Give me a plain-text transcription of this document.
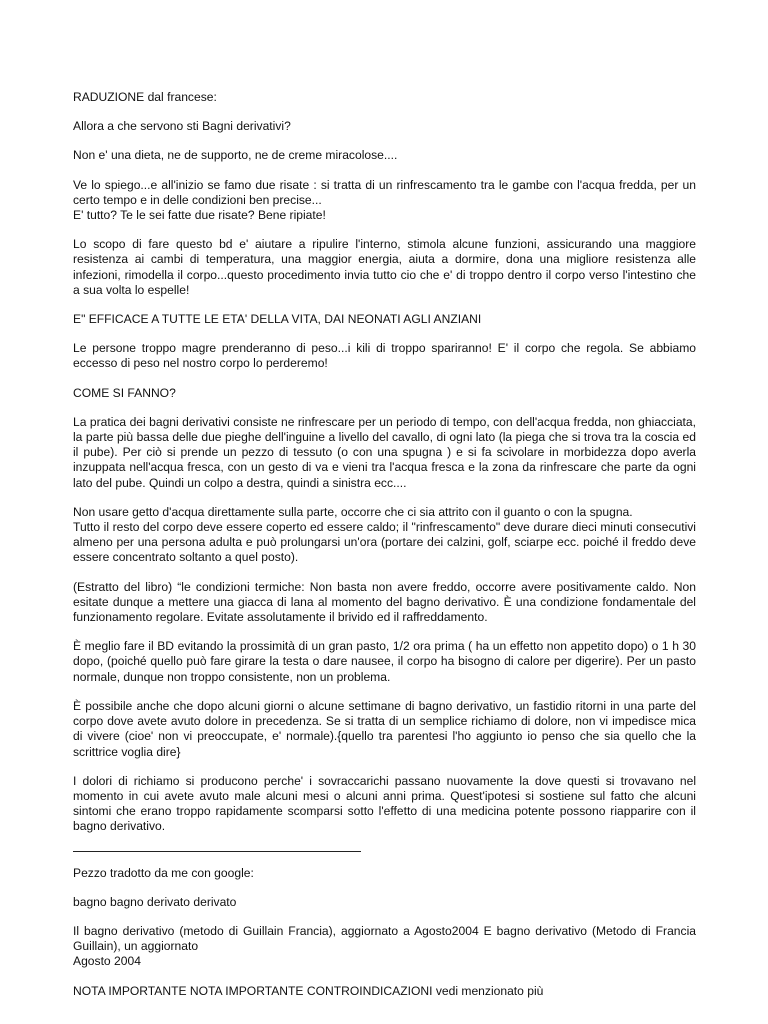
RADUZIONE dal francese:

Allora a che servono sti Bagni derivativi?

Non e' una dieta, ne de supporto, ne de creme miracolose....

Ve lo spiego...e all'inizio se famo due risate : si tratta di un rinfrescamento tra le gambe con l'acqua fredda, per un certo tempo e in delle condizioni ben precise...
E' tutto? Te le sei fatte due risate? Bene ripiate!

Lo scopo di fare questo bd e' aiutare a ripulire l'interno, stimola alcune funzioni, assicurando una maggiore resistenza ai cambi di temperatura, una maggior energia, aiuta a dormire, dona una migliore resistenza alle infezioni, rimodella il corpo...questo procedimento invia tutto cio che e' di troppo dentro il corpo verso l'intestino che a sua volta lo espelle!

E" EFFICACE A TUTTE LE ETA' DELLA VITA, DAI NEONATI AGLI ANZIANI

Le persone troppo magre prenderanno di peso...i kili di troppo spariranno! E' il corpo che regola. Se abbiamo eccesso di peso nel nostro corpo lo perderemo!

COME SI FANNO?

La pratica dei bagni derivativi consiste ne rinfrescare per un periodo di tempo, con dell'acqua fredda, non ghiacciata, la parte più bassa delle due pieghe dell'inguine a livello del cavallo, di ogni lato (la piega che si trova tra la coscia ed il pube). Per ciò si prende un pezzo di tessuto (o con una spugna ) e si fa scivolare in morbidezza dopo averla inzuppata nell'acqua fresca, con un gesto di va e vieni tra l'acqua fresca e la zona da rinfrescare che parte da ogni lato del pube. Quindi un colpo a destra, quindi a sinistra ecc....

Non usare getto d'acqua direttamente sulla parte, occorre che ci sia attrito con il guanto o con la spugna.
Tutto il resto del corpo deve essere coperto ed essere caldo; il "rinfrescamento" deve durare dieci minuti consecutivi almeno per una persona adulta e può prolungarsi un'ora (portare dei calzini, golf, sciarpe ecc. poiché il freddo deve essere concentrato soltanto a quel posto).

(Estratto del libro) “le condizioni termiche: Non basta non avere freddo, occorre avere positivamente caldo. Non esitate dunque a mettere una giacca di lana al momento del bagno derivativo. È una condizione fondamentale del funzionamento regolare. Evitate assolutamente il brivido ed il raffreddamento.

È meglio fare il BD evitando la prossimità di un gran pasto, 1/2 ora prima ( ha un effetto non appetito dopo) o 1 h 30 dopo, (poiché quello può fare girare la testa o dare nausee, il corpo ha bisogno di calore per digerire). Per un pasto normale, dunque non troppo consistente, non un problema.

È possibile anche che dopo alcuni giorni o alcune settimane di bagno derivativo, un fastidio ritorni in una parte del corpo dove avete avuto dolore in precedenza. Se si tratta di un semplice richiamo di dolore, non vi impedisce mica di vivere (cioe' non vi preoccupate, e' normale).{quello tra parentesi l'ho aggiunto io penso che sia quello che la scrittrice voglia dire}

I dolori di richiamo si producono perche' i sovraccarichi passano nuovamente la dove questi si trovavano nel momento in cui avete avuto male alcuni mesi o alcuni anni prima. Quest'ipotesi si sostiene sul fatto che alcuni sintomi che erano troppo rapidamente scomparsi sotto l'effetto di una medicina potente possono riapparire con il bagno derivativo.

Pezzo tradotto da me con google:

bagno bagno derivato derivato

Il bagno derivativo (metodo di Guillain Francia), aggiornato a Agosto2004 E bagno derivativo (Metodo di Francia Guillain), un aggiornato
Agosto 2004

NOTA IMPORTANTE NOTA IMPORTANTE CONTROINDICAZIONI vedi menzionato più
